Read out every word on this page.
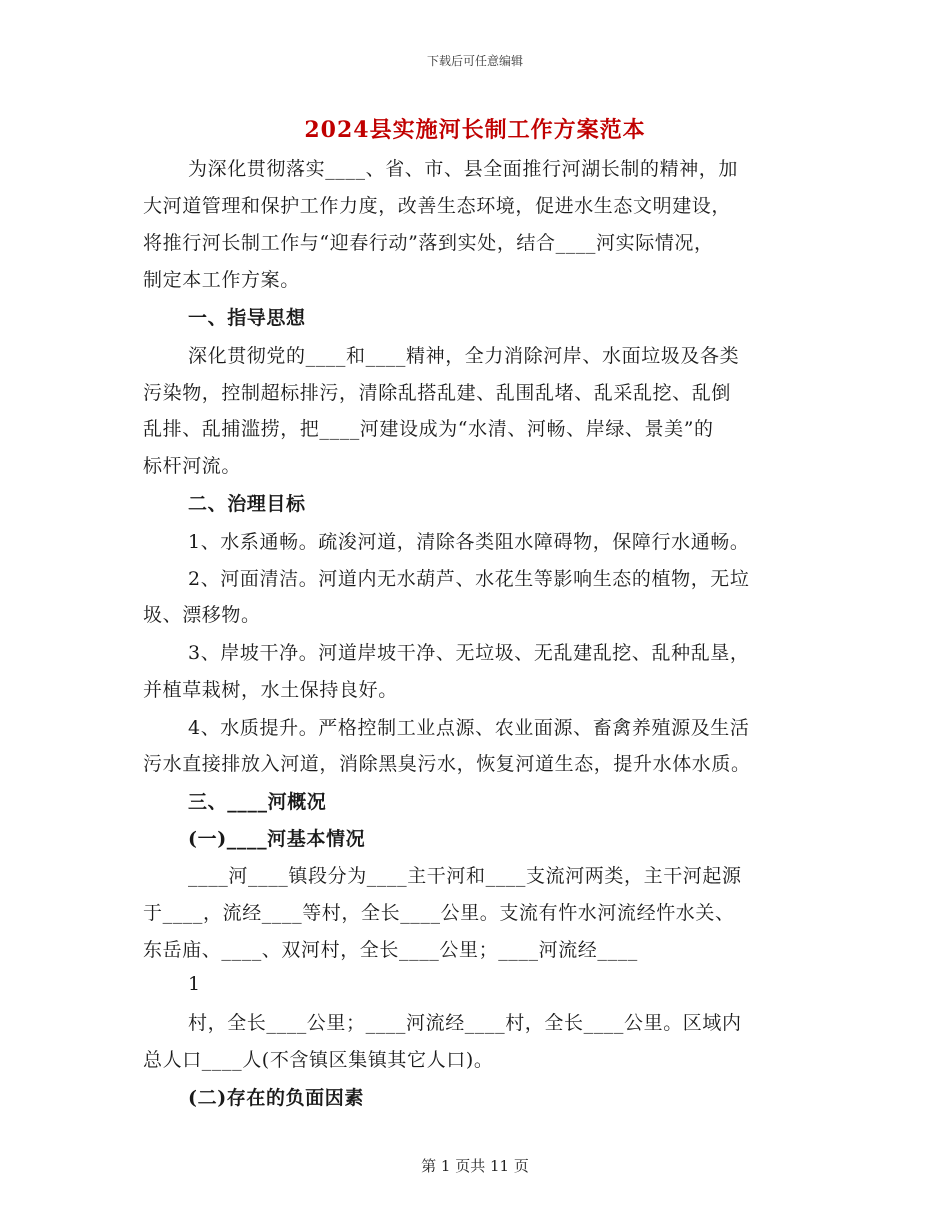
下载后可任意编辑
2024县实施河长制工作方案范本
为深化贯彻落实____、省、市、县全面推行河湖长制的精神，加
大河道管理和保护工作力度，改善生态环境，促进水生态文明建设，
将推行河长制工作与“迎春行动”落到实处，结合____河实际情况，
制定本工作方案。
一、指导思想
深化贯彻党的____和____精神，全力消除河岸、水面垃圾及各类
污染物，控制超标排污，清除乱搭乱建、乱围乱堵、乱采乱挖、乱倒
乱排、乱捕滥捞，把____河建设成为“水清、河畅、岸绿、景美”的
标杆河流。
二、治理目标
1、水系通畅。疏浚河道，清除各类阻水障碍物，保障行水通畅。
2、河面清洁。河道内无水葫芦、水花生等影响生态的植物，无垃
圾、漂移物。
3、岸坡干净。河道岸坡干净、无垃圾、无乱建乱挖、乱种乱垦，
并植草栽树，水土保持良好。
4、水质提升。严格控制工业点源、农业面源、畜禽养殖源及生活
污水直接排放入河道，消除黑臭污水，恢复河道生态，提升水体水质。
三、____河概况
(一)____河基本情况
____河____镇段分为____主干河和____支流河两类，主干河起源
于____，流经____等村，全长____公里。支流有忤水河流经忤水关、
东岳庙、____、双河村，全长____公里；____河流经____
1
村，全长____公里；____河流经____村，全长____公里。区域内
总人口____人(不含镇区集镇其它人口)。
(二)存在的负面因素
第 1 页共 11 页
